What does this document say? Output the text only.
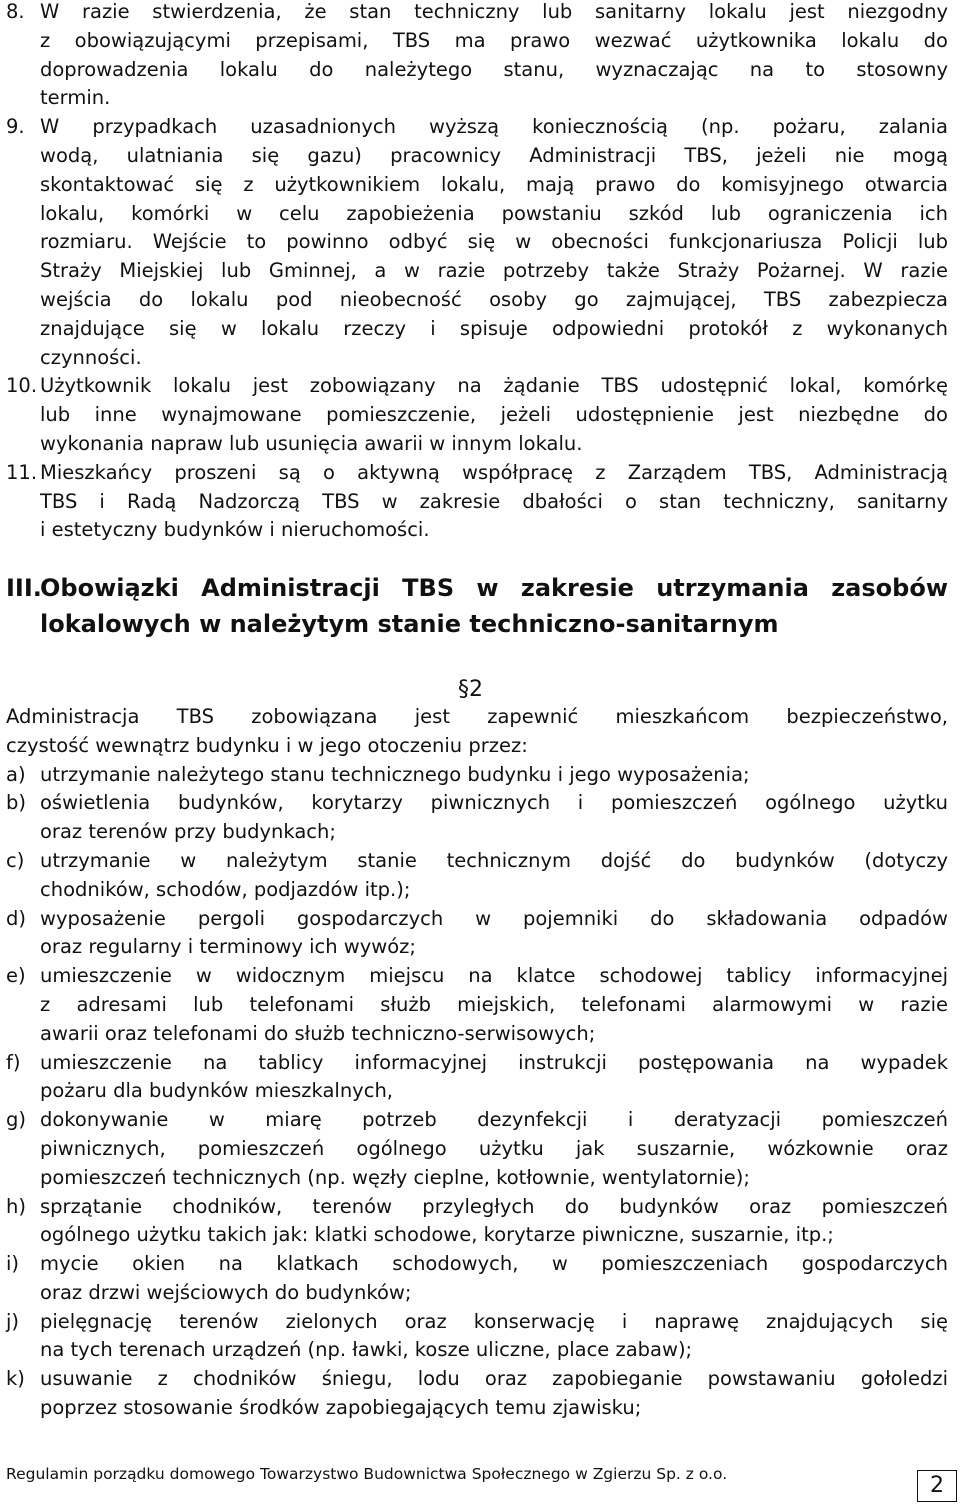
8. W razie stwierdzenia, że stan techniczny lub sanitarny lokalu jest niezgodny
z obowiązującymi przepisami, TBS ma prawo wezwać użytkownika lokalu do
doprowadzenia lokalu do należytego stanu, wyznaczając na to stosowny
termin.
9. W przypadkach uzasadnionych wyższą koniecznością (np. pożaru, zalania
wodą, ulatniania się gazu) pracownicy Administracji TBS, jeżeli nie mogą
skontaktować się z użytkownikiem lokalu, mają prawo do komisyjnego otwarcia
lokalu, komórki w celu zapobieżenia powstaniu szkód lub ograniczenia ich
rozmiaru. Wejście to powinno odbyć się w obecności funkcjonariusza Policji lub
Straży Miejskiej lub Gminnej, a w razie potrzeby także Straży Pożarnej. W razie
wejścia do lokalu pod nieobecność osoby go zajmującej, TBS zabezpiecza
znajdujące się w lokalu rzeczy i spisuje odpowiedni protokół z wykonanych
czynności.
10. Użytkownik lokalu jest zobowiązany na żądanie TBS udostępnić lokal, komórkę
lub inne wynajmowane pomieszczenie, jeżeli udostępnienie jest niezbędne do
wykonania napraw lub usunięcia awarii w innym lokalu.
11. Mieszkańcy proszeni są o aktywną współpracę z Zarządem TBS, Administracją
TBS i Radą Nadzorczą TBS w zakresie dbałości o stan techniczny, sanitarny
i estetyczny budynków i nieruchomości.
III.
Obowiązki Administracji TBS w zakresie utrzymania zasobów
lokalowych w należytym stanie techniczno-sanitarnym
§2
Administracja TBS zobowiązana jest zapewnić mieszkańcom bezpieczeństwo,
czystość wewnątrz budynku i w jego otoczeniu przez:
a) utrzymanie należytego stanu technicznego budynku i jego wyposażenia;
b) oświetlenia budynków, korytarzy piwnicznych i pomieszczeń ogólnego użytku
oraz terenów przy budynkach;
c) utrzymanie w należytym stanie technicznym dojść do budynków (dotyczy
chodników, schodów, podjazdów itp.);
d) wyposażenie pergoli gospodarczych w pojemniki do składowania odpadów
oraz regularny i terminowy ich wywóz;
e) umieszczenie w widocznym miejscu na klatce schodowej tablicy informacyjnej
z adresami lub telefonami służb miejskich, telefonami alarmowymi w razie
awarii oraz telefonami do służb techniczno-serwisowych;
f) umieszczenie na tablicy informacyjnej instrukcji postępowania na wypadek
pożaru dla budynków mieszkalnych,
g) dokonywanie w miarę potrzeb dezynfekcji i deratyzacji pomieszczeń
piwnicznych, pomieszczeń ogólnego użytku jak suszarnie, wózkownie oraz
pomieszczeń technicznych (np. węzły cieplne, kotłownie, wentylatornie);
h) sprzątanie chodników, terenów przyległych do budynków oraz pomieszczeń
ogólnego użytku takich jak: klatki schodowe, korytarze piwniczne, suszarnie, itp.;
i) mycie okien na klatkach schodowych, w pomieszczeniach gospodarczych
oraz drzwi wejściowych do budynków;
j) pielęgnację terenów zielonych oraz konserwację i naprawę znajdujących się
na tych terenach urządzeń (np. ławki, kosze uliczne, place zabaw);
k) usuwanie z chodników śniegu, lodu oraz zapobieganie powstawaniu gołoledzi
poprzez stosowanie środków zapobiegających temu zjawisku;
Regulamin porządku domowego Towarzystwo Budownictwa Społecznego w Zgierzu Sp. z o.o.	2
